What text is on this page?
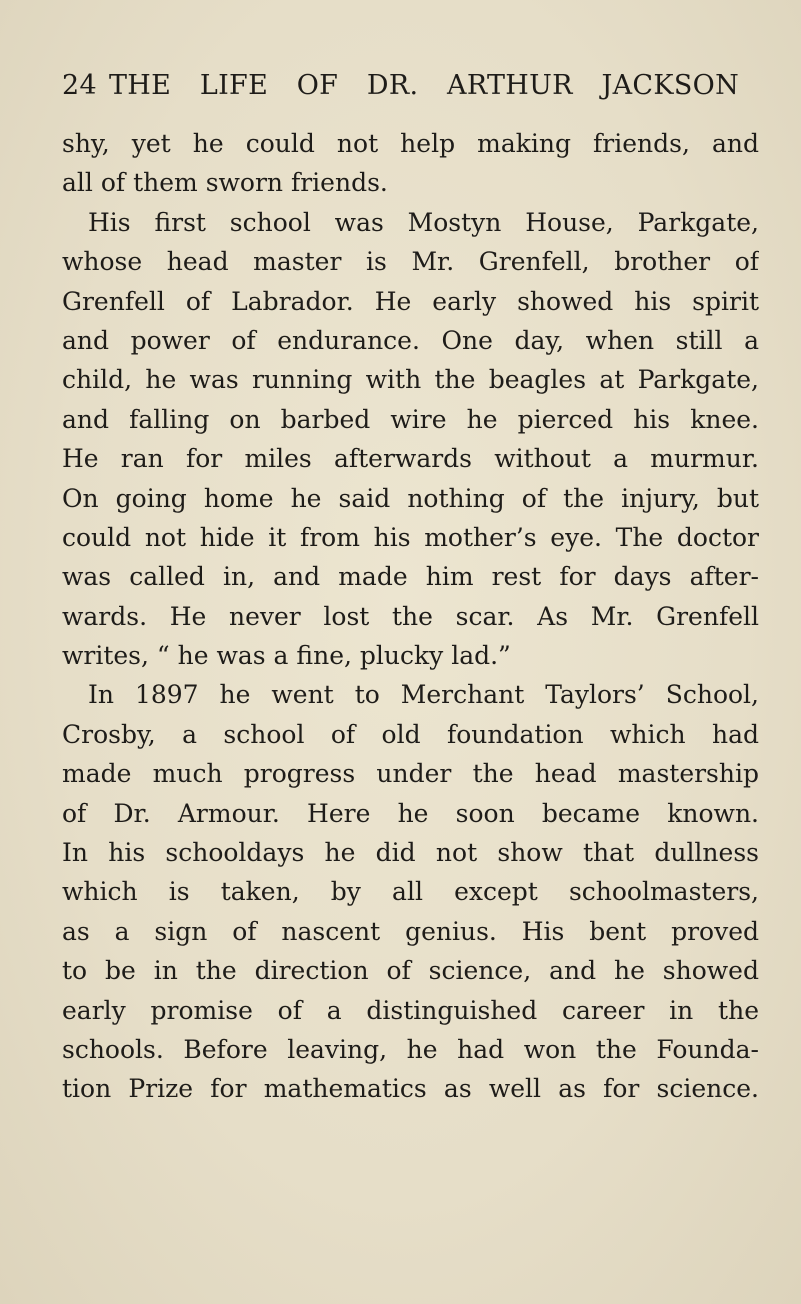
24 THE LIFE OF DR. ARTHUR JACKSON
shy, yet he could not help making friends, and
all of them sworn friends.
His first school was Mostyn House, Parkgate,
whose head master is Mr. Grenfell, brother of
Grenfell of Labrador. He early showed his spirit
and power of endurance. One day, when still a
child, he was running with the beagles at Parkgate,
and falling on barbed wire he pierced his knee.
He ran for miles afterwards without a murmur.
On going home he said nothing of the injury, but
could not hide it from his mother’s eye. The doctor
was called in, and made him rest for days after-
wards. He never lost the scar. As Mr. Grenfell
writes, “ he was a fine, plucky lad.”
In 1897 he went to Merchant Taylors’ School,
Crosby, a school of old foundation which had
made much progress under the head mastership
of Dr. Armour. Here he soon became known.
In his schooldays he did not show that dullness
which is taken, by all except schoolmasters,
as a sign of nascent genius. His bent proved
to be in the direction of science, and he showed
early promise of a distinguished career in the
schools. Before leaving, he had won the Founda-
tion Prize for mathematics as well as for science.
